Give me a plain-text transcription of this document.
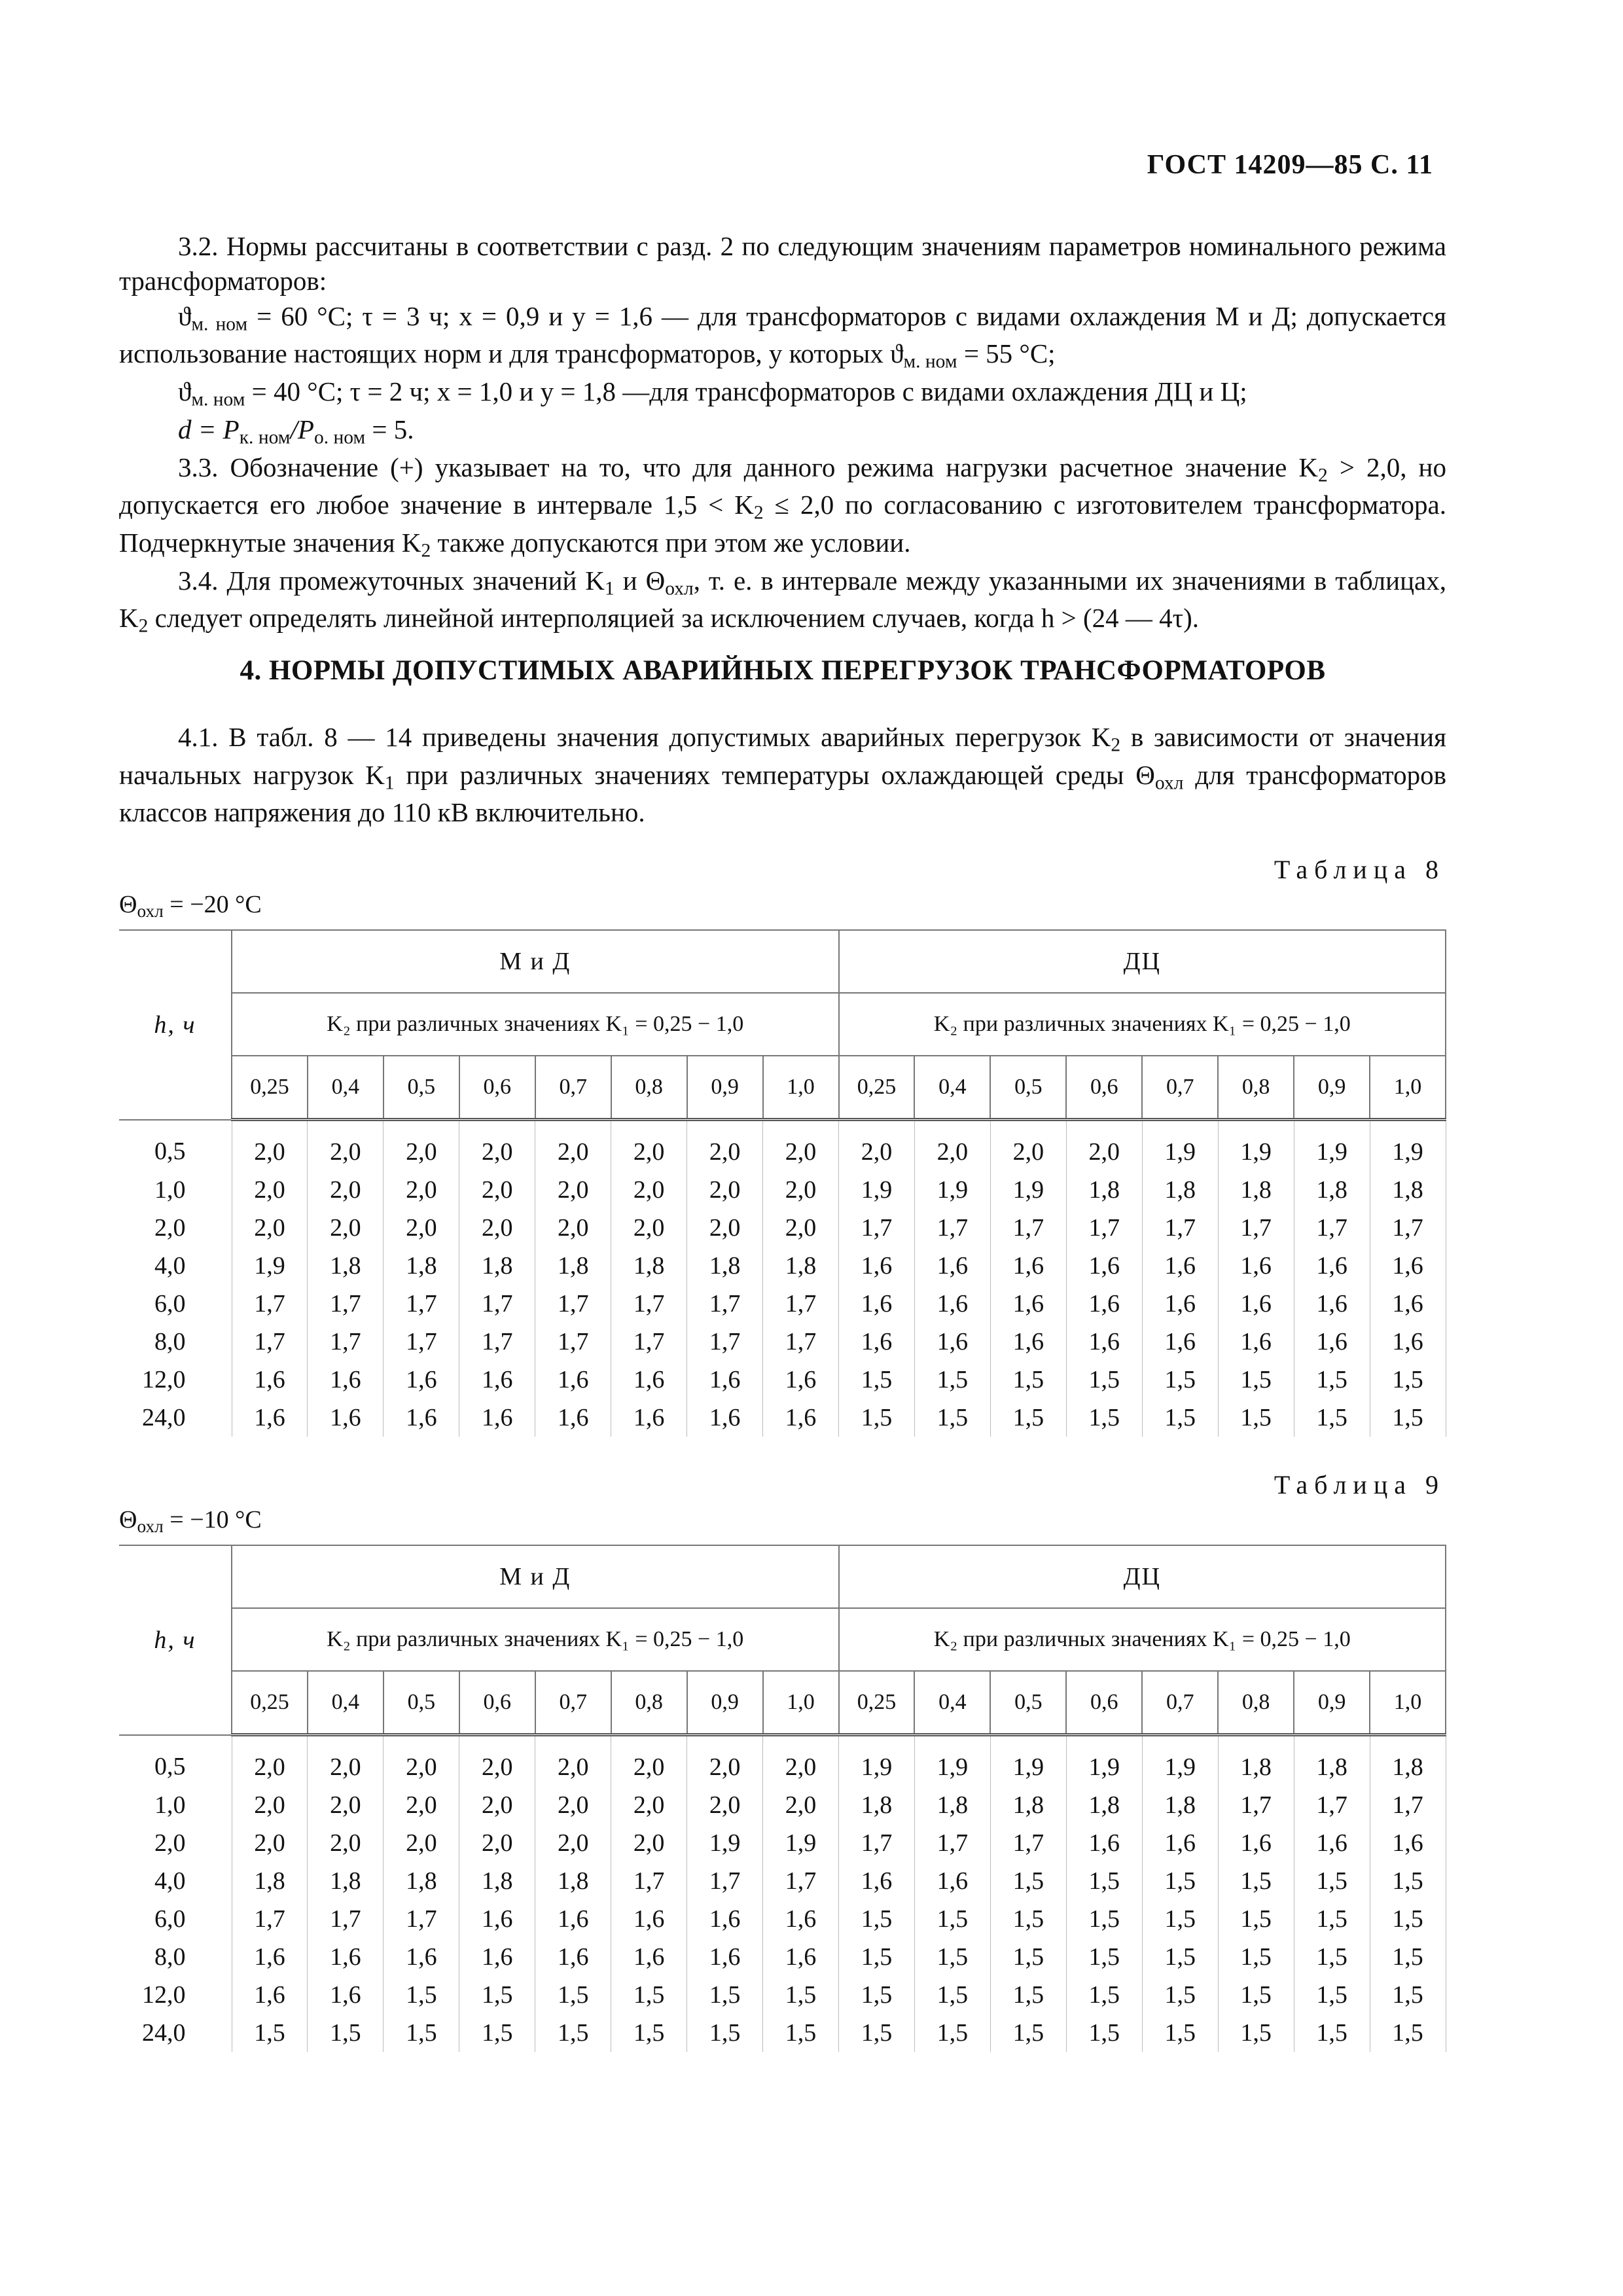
ГОСТ 14209—85 С. 11

3.2. Нормы рассчитаны в соответствии с разд. 2 по следующим значениям параметров номинального режима трансформаторов:

$ϑ_{м. ном} = 60$ °С; τ = 3 ч; x = 0,9 и y = 1,6 — для трансформаторов с видами охлаждения М и Д; допускается использование настоящих норм и для трансформаторов, у которых $ϑ_{м. ном} = 55$ °С;

$ϑ_{м. ном} = 40$ °С; τ = 2 ч; x = 1,0 и y = 1,8 —для трансформаторов с видами охлаждения ДЦ и Ц;

$d = P_{к. ном}/P_{о. ном} = 5$.

3.3. Обозначение (+) указывает на то, что для данного режима нагрузки расчетное значение $K_2 > 2,0$, но допускается его любое значение в интервале $1,5 < K_2 \le 2,0$ по согласованию с изготовителем трансформатора. Подчеркнутые значения $K_2$ также допускаются при этом же условии.

3.4. Для промежуточных значений $K_1$ и $\Theta_{охл}$, т. е. в интервале между указанными их значениями в таблицах, $K_2$ следует определять линейной интерполяцией за исключением случаев, когда h > (24 — 4τ).

4. НОРМЫ ДОПУСТИМЫХ АВАРИЙНЫХ ПЕРЕГРУЗОК ТРАНСФОРМАТОРОВ

4.1. В табл. 8 — 14 приведены значения допустимых аварийных перегрузок $K_2$ в зависимости от значения начальных нагрузок $K_1$ при различных значениях температуры охлаждающей среды $\Theta_{охл}$ для трансформаторов классов напряжения до 110 кВ включительно.

Таблица 8
$\Theta_{охл} = -20$ °С
h, ч	М и Д								ДЦ							
	K₂ при различных значениях K₁ = 0,25 − 1,0								K₂ при различных значениях K₁ = 0,25 − 1,0							
	0,25	0,4	0,5	0,6	0,7	0,8	0,9	1,0	0,25	0,4	0,5	0,6	0,7	0,8	0,9	1,0
0,5	2,0	2,0	2,0	2,0	2,0	2,0	2,0	2,0	2,0	2,0	2,0	2,0	1,9	1,9	1,9	1,9
1,0	2,0	2,0	2,0	2,0	2,0	2,0	2,0	2,0	1,9	1,9	1,9	1,8	1,8	1,8	1,8	1,8
2,0	2,0	2,0	2,0	2,0	2,0	2,0	2,0	2,0	1,7	1,7	1,7	1,7	1,7	1,7	1,7	1,7
4,0	1,9	1,8	1,8	1,8	1,8	1,8	1,8	1,8	1,6	1,6	1,6	1,6	1,6	1,6	1,6	1,6
6,0	1,7	1,7	1,7	1,7	1,7	1,7	1,7	1,7	1,6	1,6	1,6	1,6	1,6	1,6	1,6	1,6
8,0	1,7	1,7	1,7	1,7	1,7	1,7	1,7	1,7	1,6	1,6	1,6	1,6	1,6	1,6	1,6	1,6
12,0	1,6	1,6	1,6	1,6	1,6	1,6	1,6	1,6	1,5	1,5	1,5	1,5	1,5	1,5	1,5	1,5
24,0	1,6	1,6	1,6	1,6	1,6	1,6	1,6	1,6	1,5	1,5	1,5	1,5	1,5	1,5	1,5	1,5
Таблица 9
$\Theta_{охл} = -10$ °С
h, ч	М и Д								ДЦ							
	K₂ при различных значениях K₁ = 0,25 − 1,0								K₂ при различных значениях K₁ = 0,25 − 1,0							
	0,25	0,4	0,5	0,6	0,7	0,8	0,9	1,0	0,25	0,4	0,5	0,6	0,7	0,8	0,9	1,0
0,5	2,0	2,0	2,0	2,0	2,0	2,0	2,0	2,0	1,9	1,9	1,9	1,9	1,9	1,8	1,8	1,8
1,0	2,0	2,0	2,0	2,0	2,0	2,0	2,0	2,0	1,8	1,8	1,8	1,8	1,8	1,7	1,7	1,7
2,0	2,0	2,0	2,0	2,0	2,0	2,0	1,9	1,9	1,7	1,7	1,7	1,6	1,6	1,6	1,6	1,6
4,0	1,8	1,8	1,8	1,8	1,8	1,7	1,7	1,7	1,6	1,6	1,5	1,5	1,5	1,5	1,5	1,5
6,0	1,7	1,7	1,7	1,6	1,6	1,6	1,6	1,6	1,5	1,5	1,5	1,5	1,5	1,5	1,5	1,5
8,0	1,6	1,6	1,6	1,6	1,6	1,6	1,6	1,6	1,5	1,5	1,5	1,5	1,5	1,5	1,5	1,5
12,0	1,6	1,6	1,5	1,5	1,5	1,5	1,5	1,5	1,5	1,5	1,5	1,5	1,5	1,5	1,5	1,5
24,0	1,5	1,5	1,5	1,5	1,5	1,5	1,5	1,5	1,5	1,5	1,5	1,5	1,5	1,5	1,5	1,5
